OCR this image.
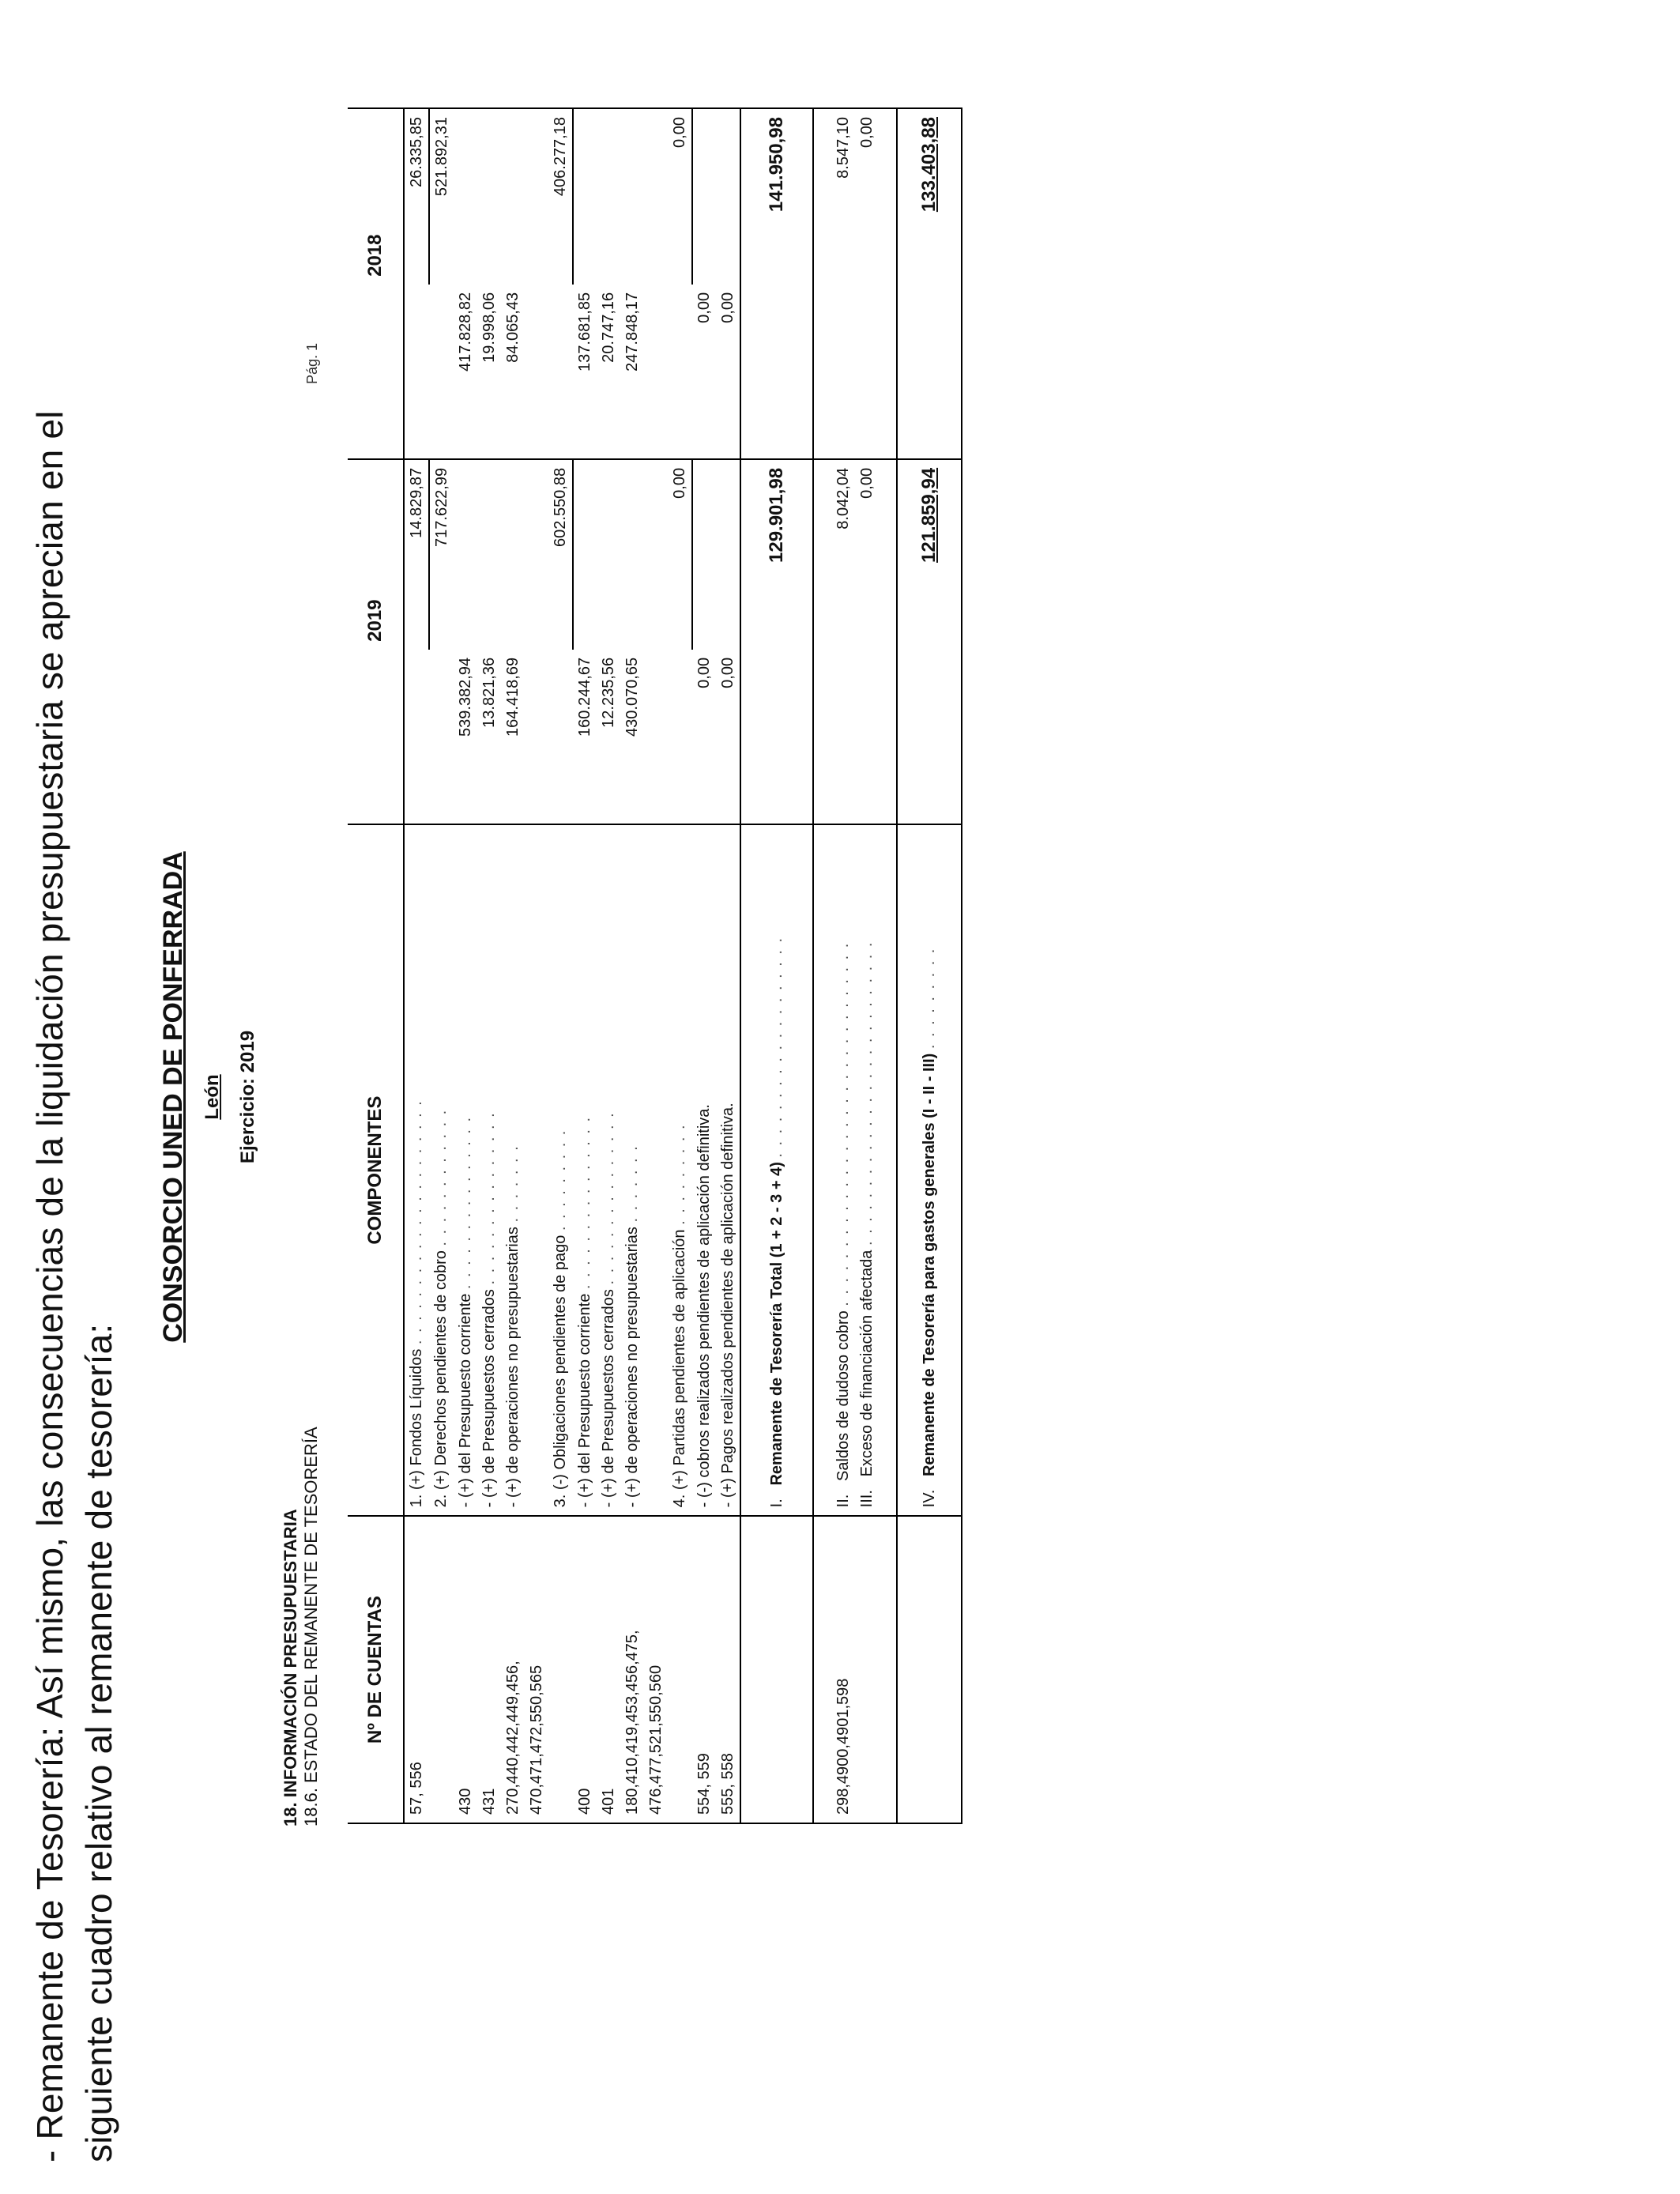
- Remanente de Tesorería: Así mismo, las consecuencias de la liquidación presupuestaria se aprecian en el siguiente cuadro relativo al remanente de tesorería:
CONSORCIO UNED DE PONFERRADA León Ejercicio: 2019
18. INFORMACIÓN PRESUPUESTARIA 18.6. ESTADO DEL REMANENTE DE TESORERÍA
Pág. 1
Nº DE CUENTAS	COMPONENTES		2019		2018
57, 556	1. (+) Fondos Líquidos . . . . . . . . . . . . . . . . . . . . .		14.829,87		26.335,85
	2. (+) Derechos pendientes de cobro . . . . . . . . . . . .		717.622,99		521.892,31
430	- (+) del Presupuesto corriente . . . . . . . . . . . . . . .	539.382,94		417.828,82	
431	- (+) de Presupuestos cerrados . . . . . . . . . . . . . . .	13.821,36		19.998,06	
270,440,442,449,456, 470,471,472,550,565	- (+) de operaciones no presupuestarias . . . . . . .	164.418,69		84.065,43	
	3. (-) Obligaciones pendientes de pago . . . . . . . . .		602.550,88		406.277,18
400	- (+) del Presupuesto corriente . . . . . . . . . . . . . . .	160.244,67		137.681,85	
401	- (+) de Presupuestos cerrados . . . . . . . . . . . . . . .	12.235,56		20.747,16	
180,410,419,453,456,475, 476,477,521,550,560	- (+) de operaciones no presupuestarias . . . . . . .	430.070,65		247.848,17	
	4. (+) Partidas pendientes de aplicación . . . . . . . . .		0,00		0,00
554, 559	- (-) cobros realizados pendientes de aplicación definitiva.	0,00		0,00	
555, 558	- (+) Pagos realizados pendientes de aplicación definitiva.	0,00		0,00	
	I.   Remanente de Tesorería Total (1 + 2 - 3 + 4) . . . . . . . . . . . . . . . . . . .		129.901,98		141.950,98
298,4900,4901,598	II.   Saldos de dudoso cobro . . . . . . . . . . . . . . . . . . . . . . . . . . . . . . .		8.042,04		8.547,10
	III.   Exceso de financiación afectada . . . . . . . . . . . . . . . . . . . . . . . . . .		0,00		0,00
	IV.   Remanente de Tesorería para gastos generales (I - II - III) . . . . . . . . .		121.859,94		133.403,88
